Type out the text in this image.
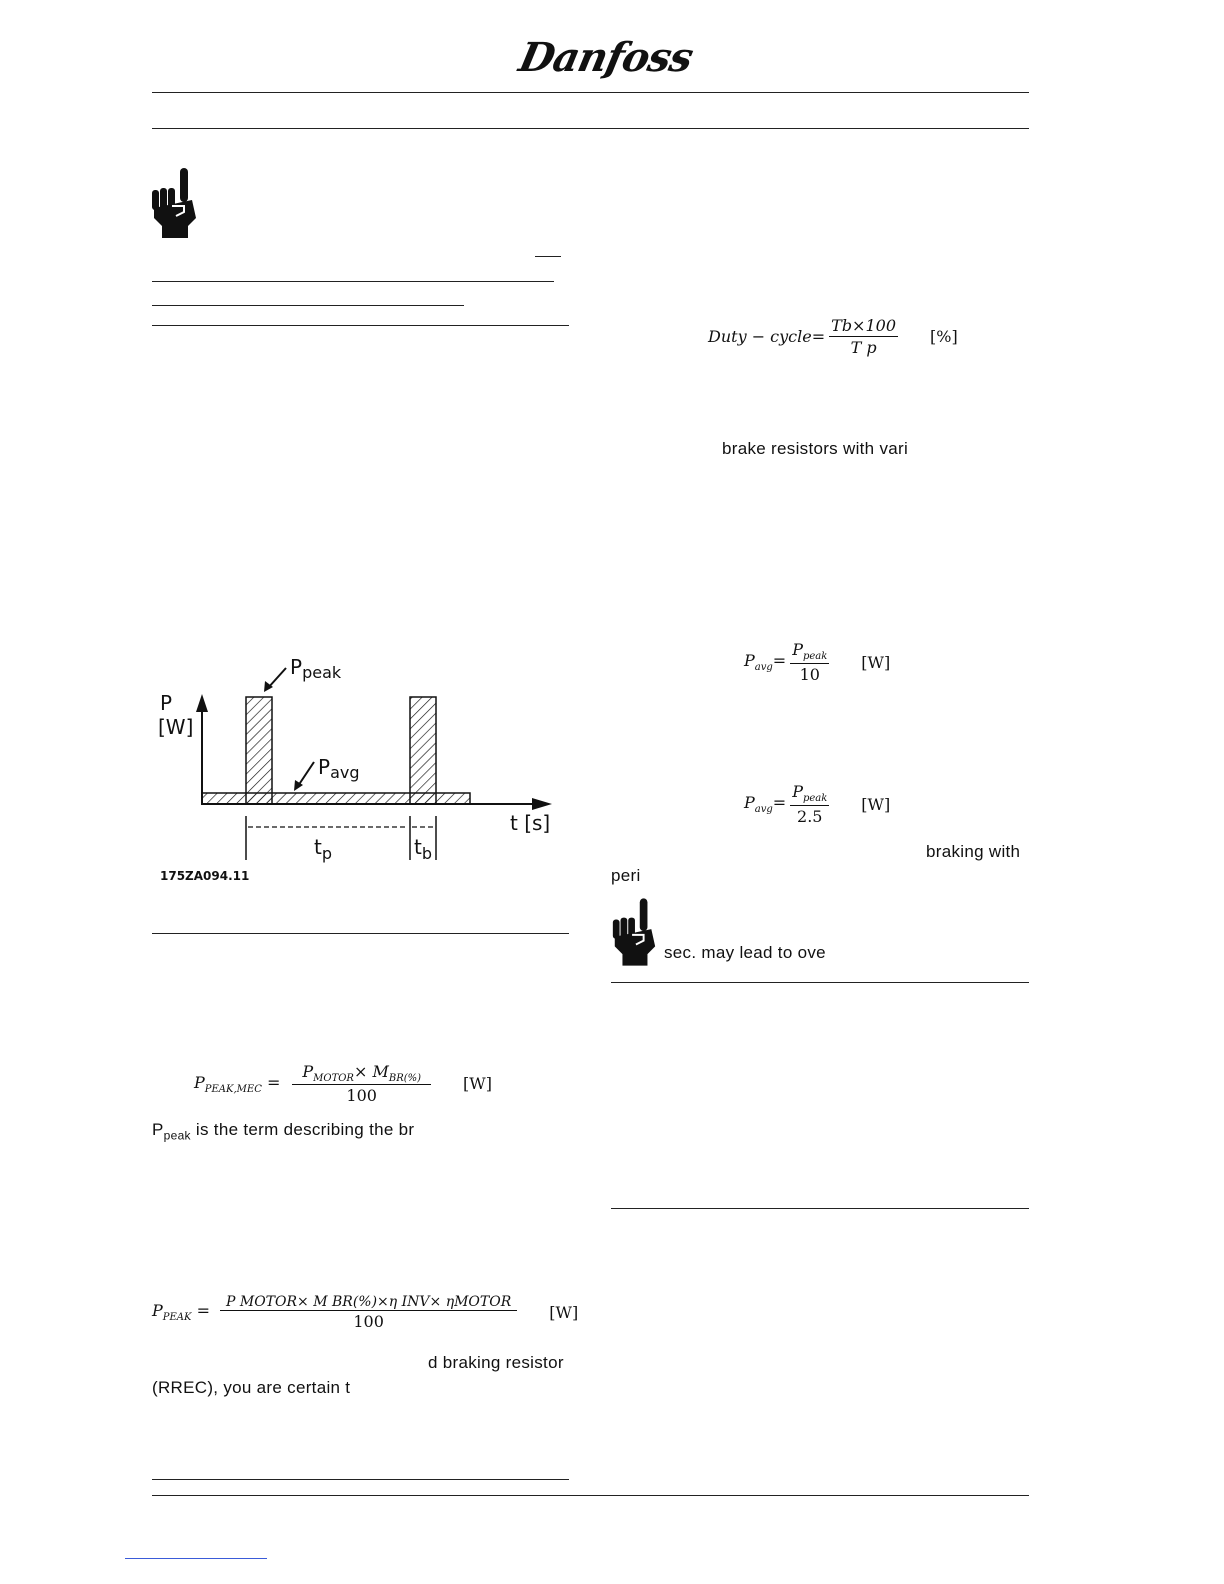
Danfoss
P
[W]
$P_{peak}$
$P_{avg}$
t [s]
$t_p$	$t_b$
175ZA094.11
$P_{PEAK,MEC} = \frac{P_{MOTOR}\times M_{BR(\%)}}{100} [W]$
$P_{peak}$ is the term describing the br
$P_{PEAK} = \frac{\text{P MOTOR× M BR(\%)×η INV× ηMOTOR}}{100} [W]$
d braking resistor
(RREC), you are certain t
Duty − cycle= $\frac{Tb\times 100}{\text{T p}}$ [%]
brake resistors with vari
$P_{avg}= \frac{P_{peak}}{10} [W]$
$P_{avg}= \frac{P_{peak}}{2.5} [W]$
braking with
peri
sec. may lead to ove
